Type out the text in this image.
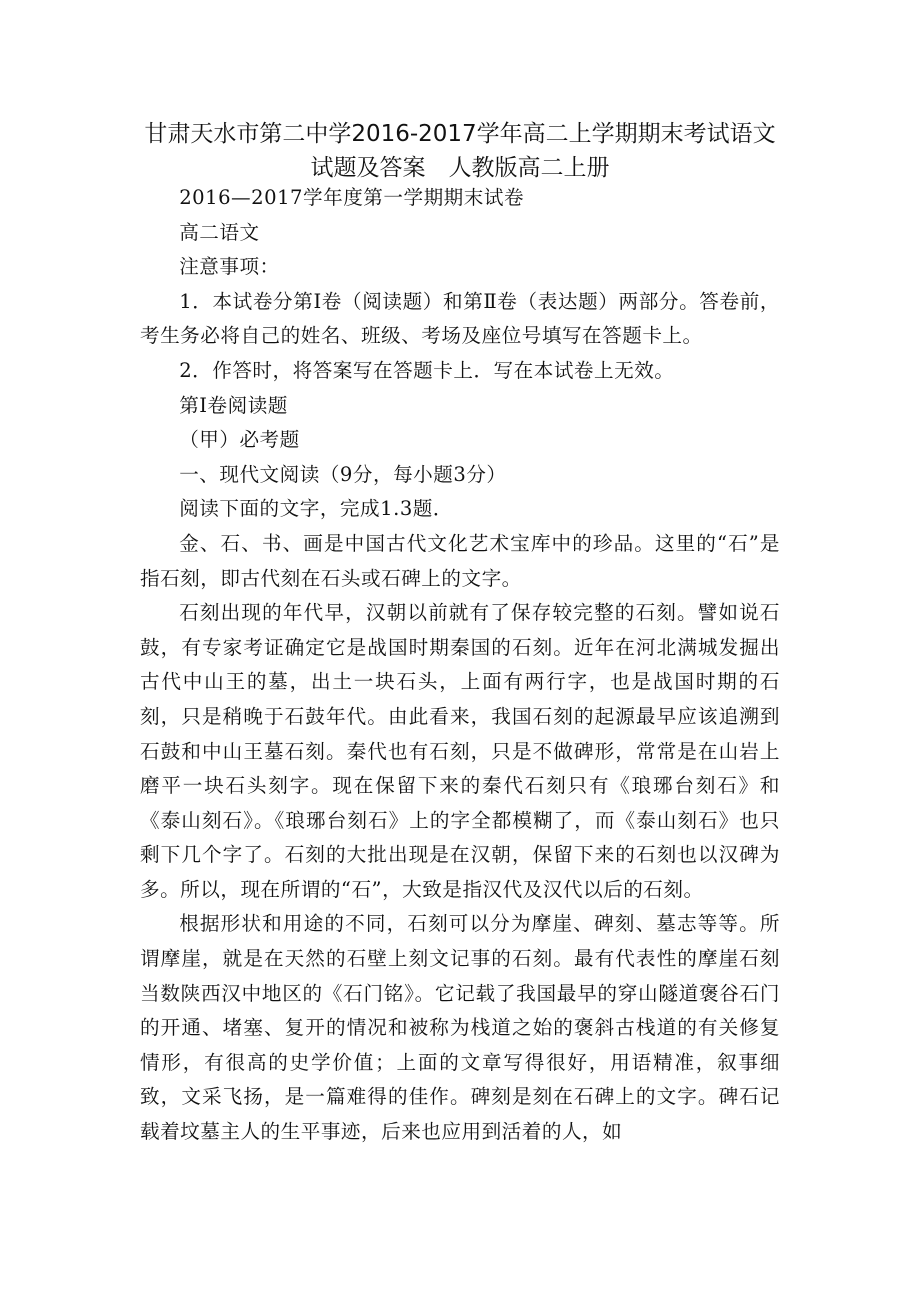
甘肃天水市第二中学2016-2017学年高二上学期期末考试语文
试题及答案　人教版高二上册

2016—2017学年度第一学期期末试卷

高二语文

注意事项：

1．本试卷分第Ⅰ卷（阅读题）和第Ⅱ卷（表达题）两部分。答卷前，考生务必将自己的姓名、班级、考场及座位号填写在答题卡上。

2．作答时，将答案写在答题卡上．写在本试卷上无效。

第Ⅰ卷阅读题

（甲）必考题

一、现代文阅读（9分，每小题3分）

阅读下面的文字，完成1.3题．

金、石、书、画是中国古代文化艺术宝库中的珍品。这里的“石”是指石刻，即古代刻在石头或石碑上的文字。

石刻出现的年代早，汉朝以前就有了保存较完整的石刻。譬如说石鼓，有专家考证确定它是战国时期秦国的石刻。近年在河北满城发掘出古代中山王的墓，出土一块石头，上面有两行字，也是战国时期的石刻，只是稍晚于石鼓年代。由此看来，我国石刻的起源最早应该追溯到石鼓和中山王墓石刻。秦代也有石刻，只是不做碑形，常常是在山岩上磨平一块石头刻字。现在保留下来的秦代石刻只有《琅琊台刻石》和《泰山刻石》。《琅琊台刻石》上的字全都模糊了，而《泰山刻石》也只剩下几个字了。石刻的大批出现是在汉朝，保留下来的石刻也以汉碑为多。所以，现在所谓的“石”，大致是指汉代及汉代以后的石刻。

根据形状和用途的不同，石刻可以分为摩崖、碑刻、墓志等等。所谓摩崖，就是在天然的石壁上刻文记事的石刻。最有代表性的摩崖石刻当数陕西汉中地区的《石门铭》。它记载了我国最早的穿山隧道褒谷石门的开通、堵塞、复开的情况和被称为栈道之始的褒斜古栈道的有关修复情形，有很高的史学价值；上面的文章写得很好，用语精准，叙事细致，文采飞扬，是一篇难得的佳作。碑刻是刻在石碑上的文字。碑石记载着坟墓主人的生平事迹，后来也应用到活着的人，如
